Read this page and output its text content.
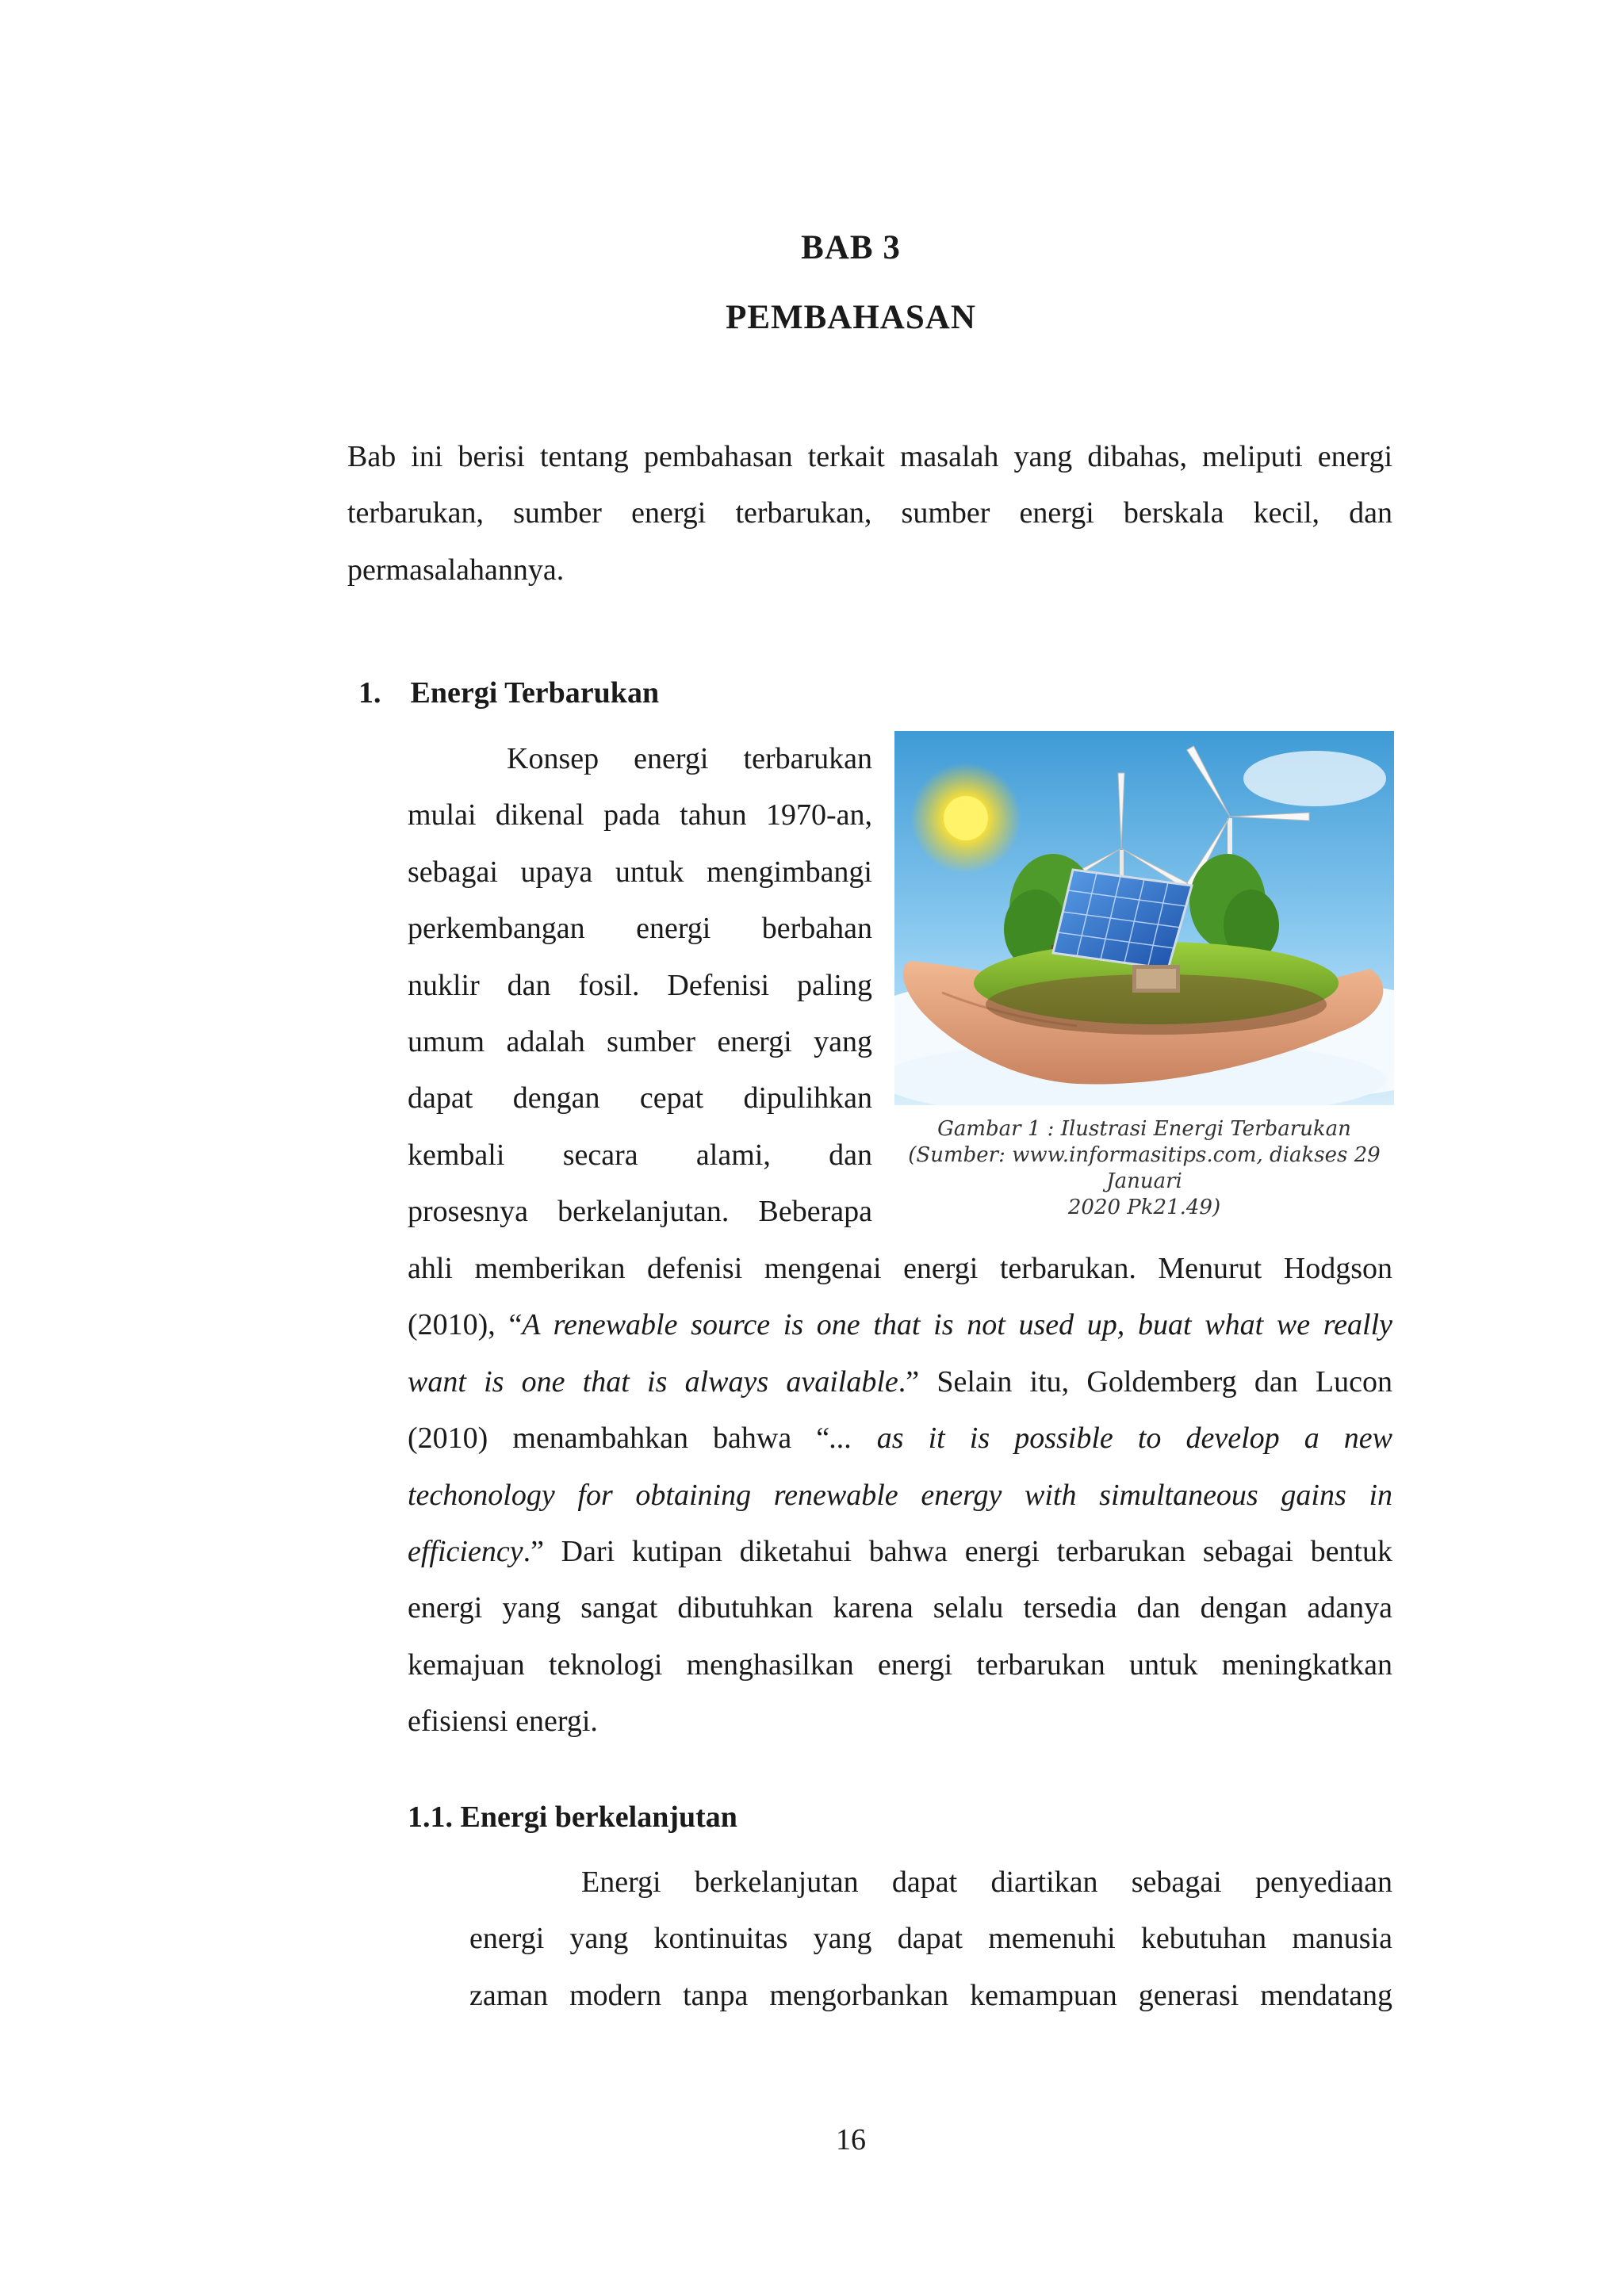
BAB 3
PEMBAHASAN
Bab ini berisi tentang pembahasan terkait masalah yang dibahas, meliputi energi
terbarukan, sumber energi terbarukan, sumber energi berskala kecil, dan
permasalahannya.
1. Energi Terbarukan
Konsep energi terbarukan
mulai dikenal pada tahun 1970-an,
sebagai upaya untuk mengimbangi
perkembangan energi berbahan
nuklir dan fosil. Defenisi paling
umum adalah sumber energi yang
dapat dengan cepat dipulihkan
kembali secara alami, dan
prosesnya berkelanjutan. Beberapa
Gambar 1 : Ilustrasi Energi Terbarukan
(Sumber: www.informasitips.com, diakses 29 Januari
2020 Pk21.49)
ahli memberikan defenisi mengenai energi terbarukan. Menurut Hodgson
(2010), “A renewable source is one that is not used up, buat what we really
want is one that is always available.” Selain itu, Goldemberg dan Lucon
(2010) menambahkan bahwa “... as it is possible to develop a new
techonology for obtaining renewable energy with simultaneous gains in
efficiency.” Dari kutipan diketahui bahwa energi terbarukan sebagai bentuk
energi yang sangat dibutuhkan karena selalu tersedia dan dengan adanya
kemajuan teknologi menghasilkan energi terbarukan untuk meningkatkan
efisiensi energi.
1.1. Energi berkelanjutan
Energi berkelanjutan dapat diartikan sebagai penyediaan
energi yang kontinuitas yang dapat memenuhi kebutuhan manusia
zaman modern tanpa mengorbankan kemampuan generasi mendatang
16
